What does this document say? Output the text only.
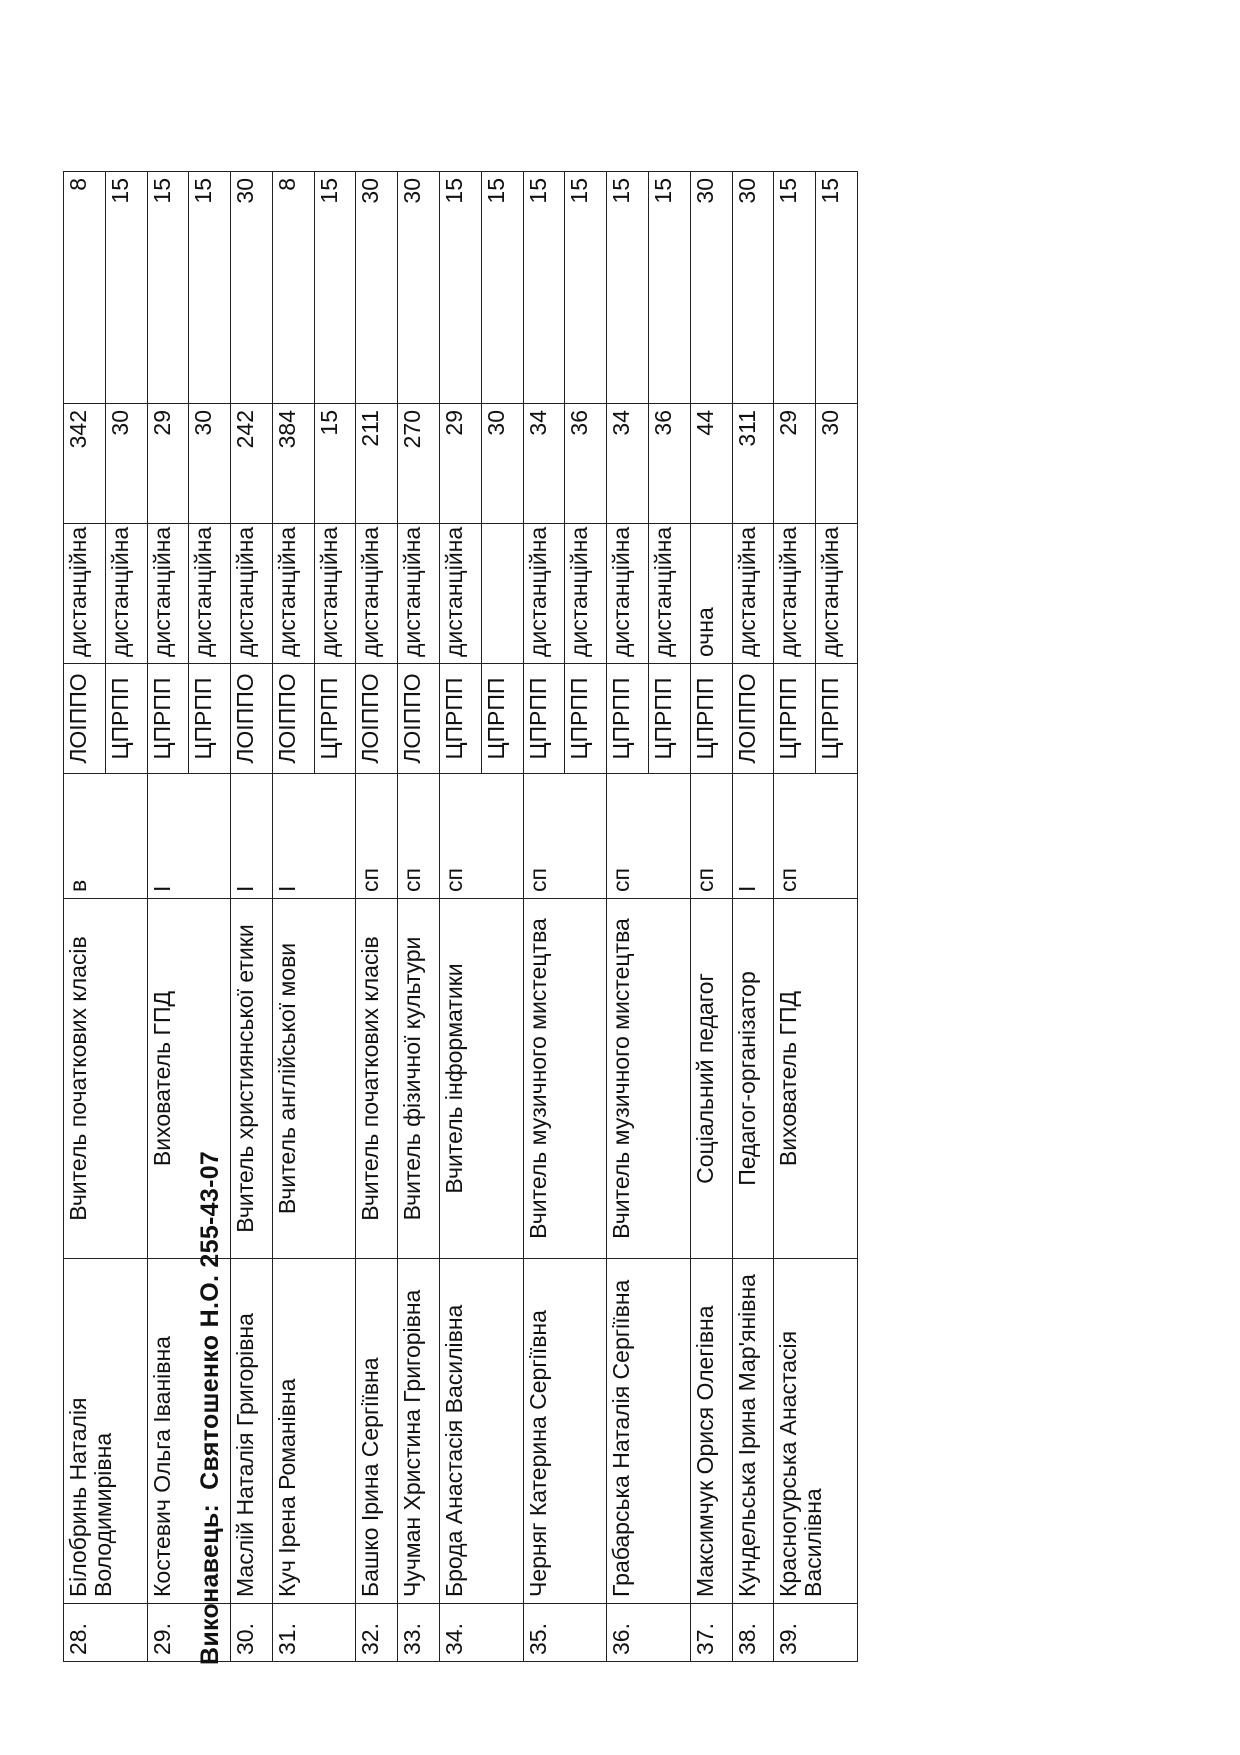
28.	Білобринь Наталія Володимирівна	Вчитель початкових класів	в	ЛОІППО	дистанційна	342	8
				ЦПРПП	дистанційна	30	15
29.	Костевич Ольга Іванівна	Вихователь ГПД	І	ЦПРПП	дистанційна	29	15
				ЦПРПП	дистанційна	30	15
30.	Маслій Наталія Григорівна	Вчитель християнської етики	І	ЛОІППО	дистанційна	242	30
31.	Куч Ірена Романівна	Вчитель англійської мови	І	ЛОІППО	дистанційна	384	8
				ЦПРПП	дистанційна	15	15
32.	Башко Ірина Сергіївна	Вчитель початкових класів	сп	ЛОІППО	дистанційна	211	30
33.	Чучман Христина Григорівна	Вчитель фізичної культури	сп	ЛОІППО	дистанційна	270	30
34.	Брода Анастасія Василівна	Вчитель інформатики	сп	ЦПРПП	дистанційна	29	15
				ЦПРПП		30	15
35.	Черняг Катерина Сергіївна	Вчитель музичного мистецтва	сп	ЦПРПП	дистанційна	34	15
				ЦПРПП	дистанційна	36	15
36.	Грабарська Наталія Сергіївна	Вчитель музичного мистецтва	сп	ЦПРПП	дистанційна	34	15
				ЦПРПП	дистанційна	36	15
37.	Максимчук Орися Олегівна	Соціальний педагог	сп	ЦПРПП	очна	44	30
38.	Кундельська Ірина Мар'янівна	Педагог-організатор	І	ЛОІППО	дистанційна	311	30
39.	Красногурська Анастасія Василівна	Вихователь ГПД	сп	ЦПРПП	дистанційна	29	15
				ЦПРПП	дистанційна	30	15
Виконавець:Святошенко Н.О. 255-43-07
